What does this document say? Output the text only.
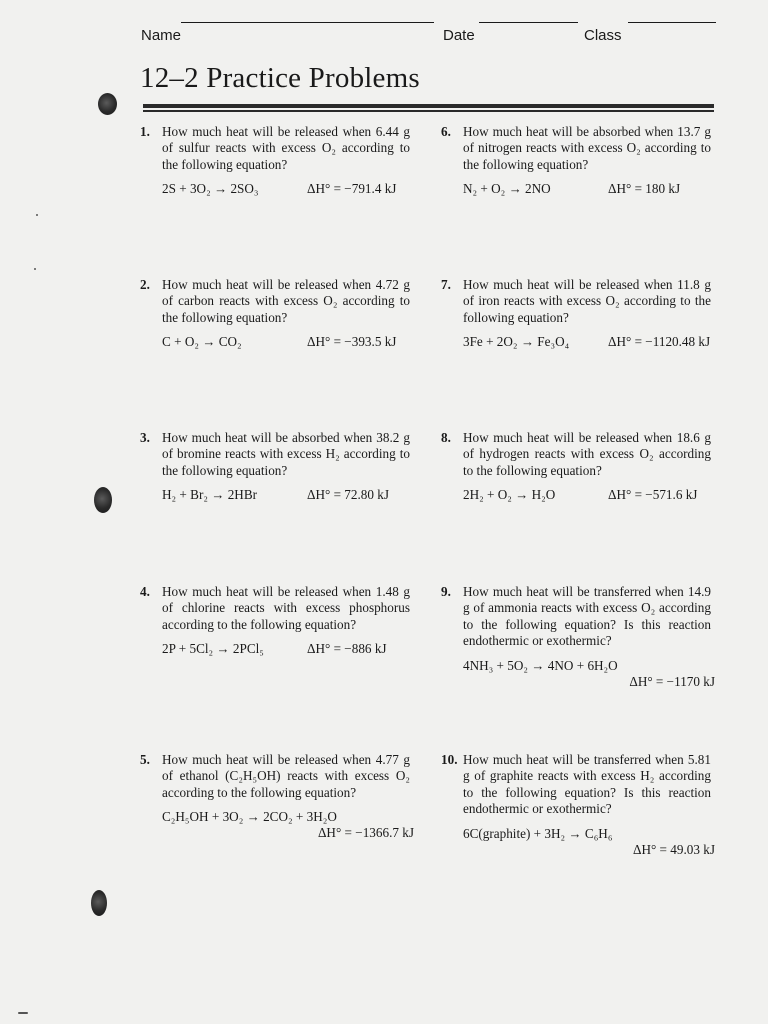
Name	Date	Class
12–2 Practice Problems
1. How much heat will be released when 6.44 g of sulfur reacts with excess O₂ according to the following equation?
2S + 3O₂ → 2SO₃	ΔH° = −791.4 kJ
2. How much heat will be released when 4.72 g of carbon reacts with excess O₂ according to the following equation?
C + O₂ → CO₂	ΔH° = −393.5 kJ
3. How much heat will be absorbed when 38.2 g of bromine reacts with excess H₂ according to the following equation?
H₂ + Br₂ → 2HBr	ΔH° = 72.80 kJ
4. How much heat will be released when 1.48 g of chlorine reacts with excess phosphorus according to the following equation?
2P + 5Cl₂ → 2PCl₅	ΔH° = −886 kJ
5. How much heat will be released when 4.77 g of ethanol (C₂H₅OH) reacts with excess O₂ according to the following equation?
C₂H₅OH + 3O₂ → 2CO₂ + 3H₂O
ΔH° = −1366.7 kJ
6. How much heat will be absorbed when 13.7 g of nitrogen reacts with excess O₂ according to the following equation?
N₂ + O₂ → 2NO	ΔH° = 180 kJ
7. How much heat will be released when 11.8 g of iron reacts with excess O₂ according to the following equation?
3Fe + 2O₂ → Fe₃O₄	ΔH° = −1120.48 kJ
8. How much heat will be released when 18.6 g of hydrogen reacts with excess O₂ according to the following equation?
2H₂ + O₂ → H₂O	ΔH° = −571.6 kJ
9. How much heat will be transferred when 14.9 g of ammonia reacts with excess O₂ according to the following equation? Is this reaction endothermic or exothermic?
4NH₃ + 5O₂ → 4NO + 6H₂O
ΔH° = −1170 kJ
10. How much heat will be transferred when 5.81 g of graphite reacts with excess H₂ according to the following equation? Is this reaction endothermic or exothermic?
6C(graphite) + 3H₂ → C₆H₆
ΔH° = 49.03 kJ
